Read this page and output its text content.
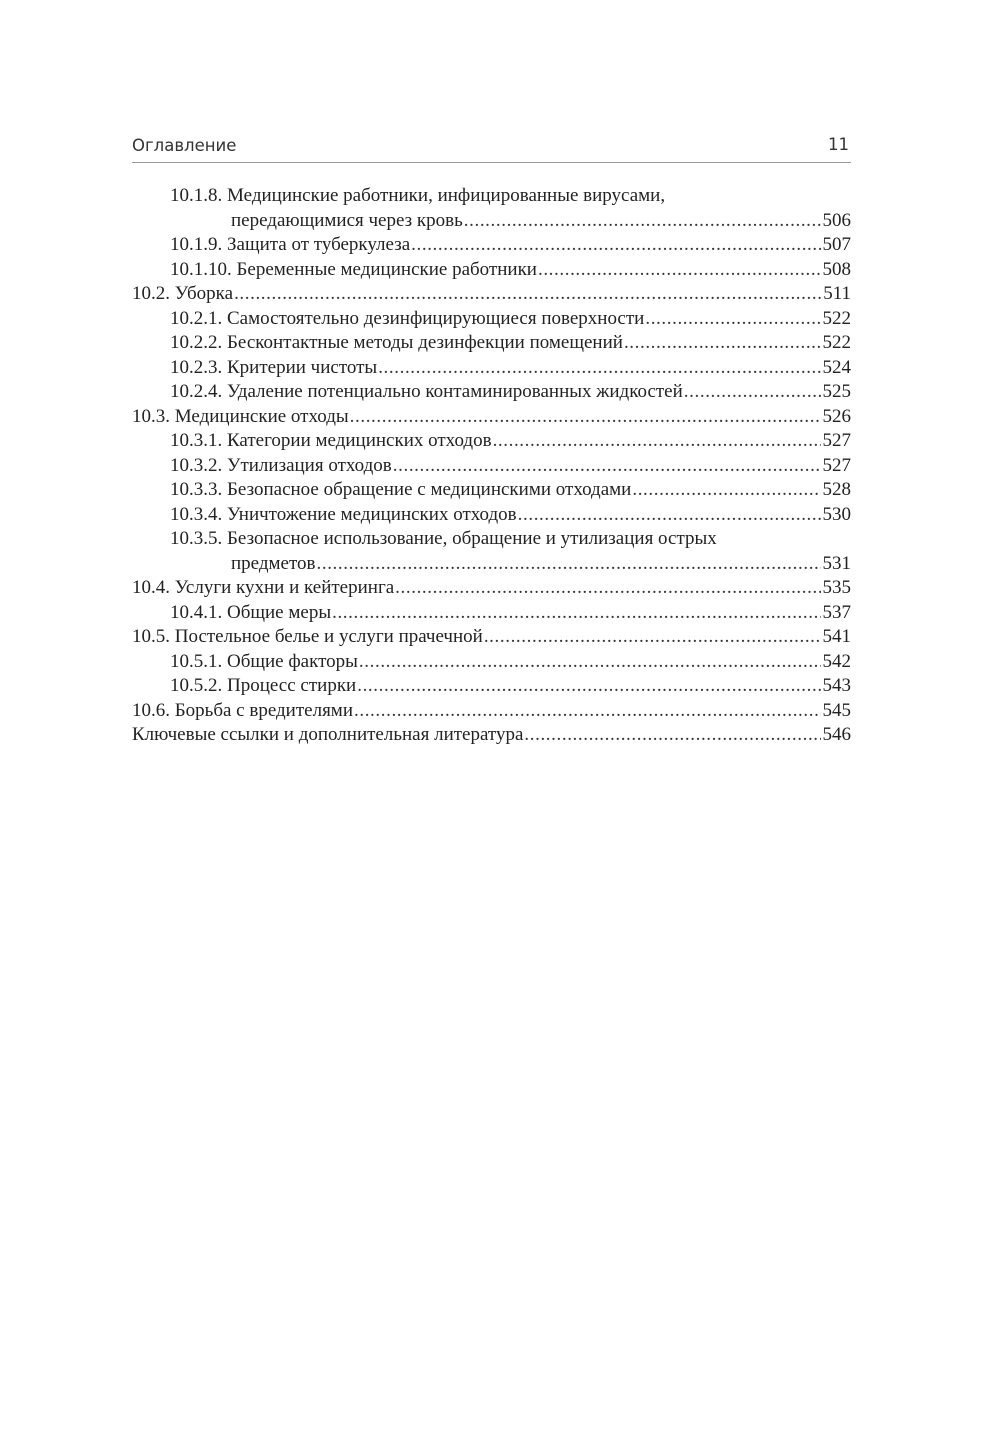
Оглавление	11
10.1.8. Медицинские работники, инфицированные вирусами,
передающимися через кровь .....	506
10.1.9. Защита от туберкулеза .....	507
10.1.10. Беременные медицинские работники .....	508
10.2. Уборка .....	511
10.2.1. Самостоятельно дезинфицирующиеся поверхности .....	522
10.2.2. Бесконтактные методы дезинфекции помещений .....	522
10.2.3. Критерии чистоты .....	524
10.2.4. Удаление потенциально контаминированных жидкостей .....	525
10.3. Медицинские отходы .....	526
10.3.1. Категории медицинских отходов .....	527
10.3.2. Утилизация отходов .....	527
10.3.3. Безопасное обращение с медицинскими отходами .....	528
10.3.4. Уничтожение медицинских отходов .....	530
10.3.5. Безопасное использование, обращение и утилизация острых
предметов .....	531
10.4. Услуги кухни и кейтеринга .....	535
10.4.1. Общие меры .....	537
10.5. Постельное белье и услуги прачечной .....	541
10.5.1. Общие факторы .....	542
10.5.2. Процесс стирки .....	543
10.6. Борьба с вредителями .....	545
Ключевые ссылки и дополнительная литература .....	546
